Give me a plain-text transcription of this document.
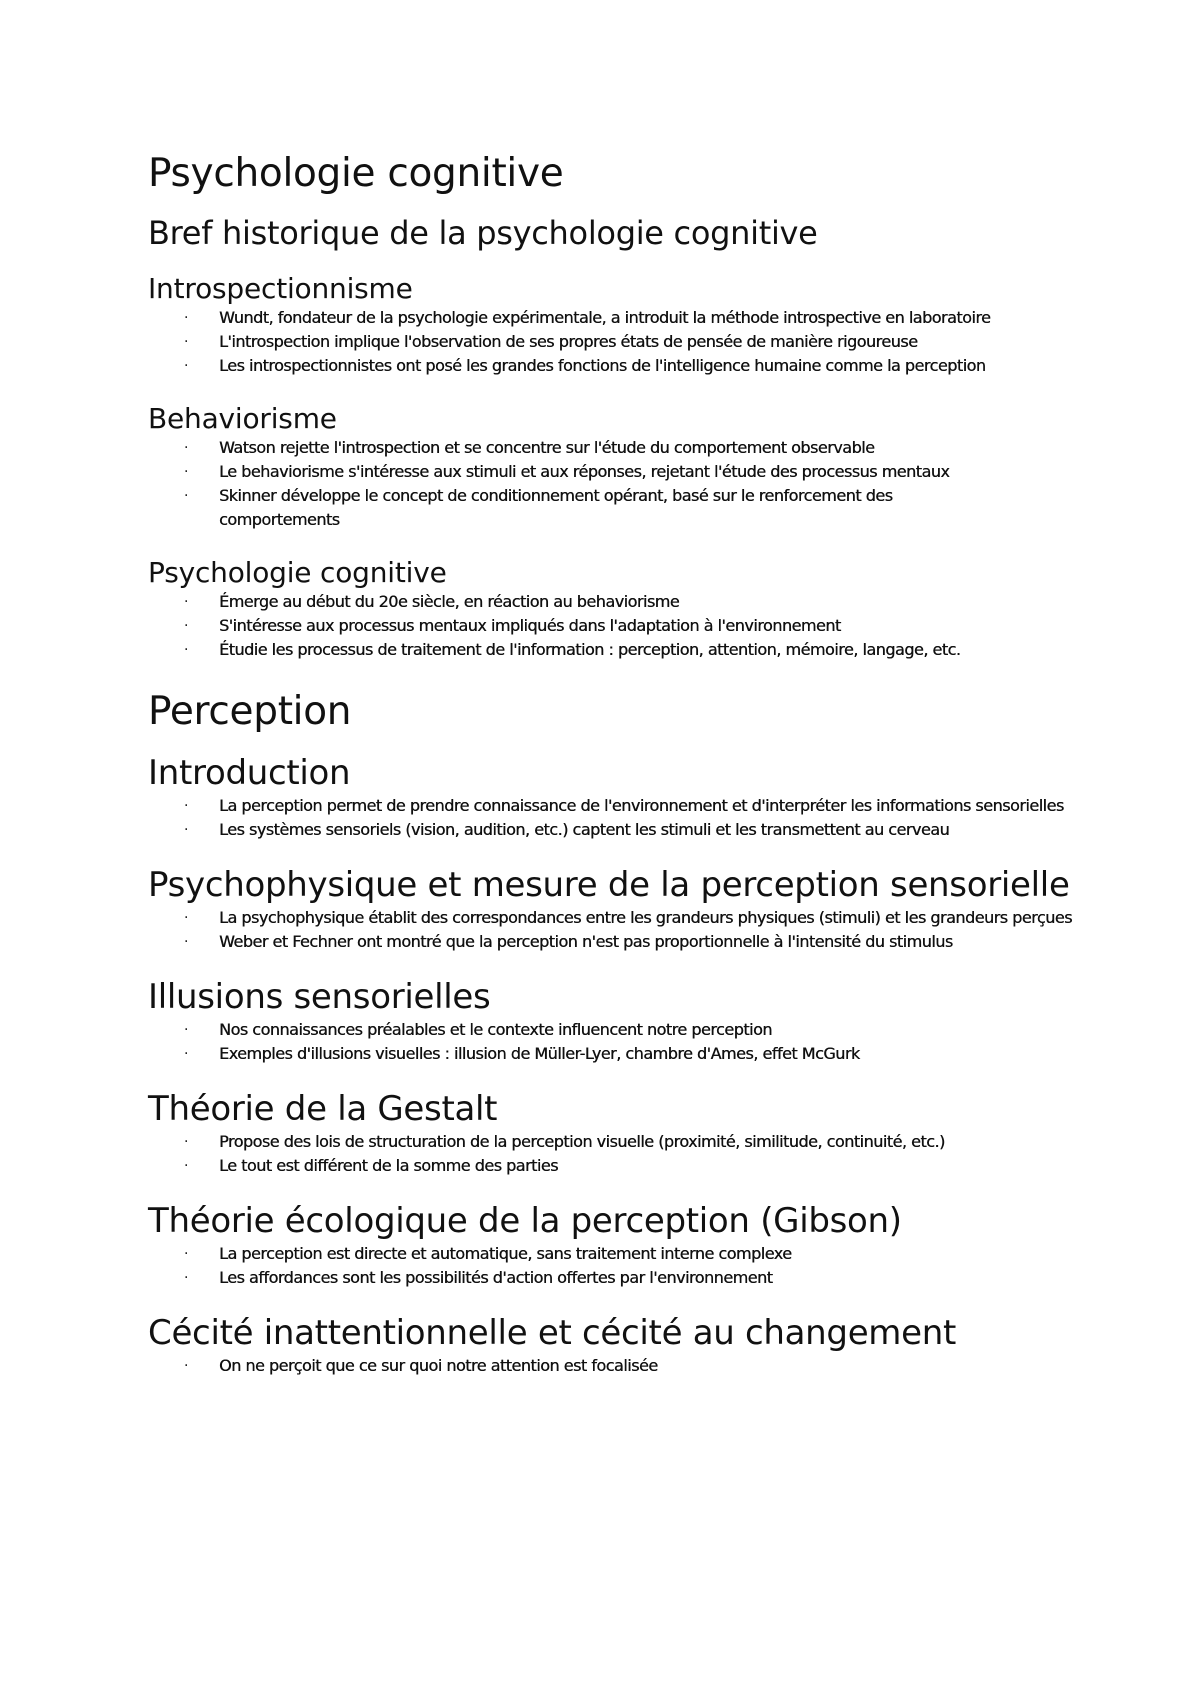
Psychologie cognitive
Bref historique de la psychologie cognitive
Introspectionnisme
· Wundt, fondateur de la psychologie expérimentale, a introduit la méthode introspective en laboratoire
· L'introspection implique l'observation de ses propres états de pensée de manière rigoureuse
· Les introspectionnistes ont posé les grandes fonctions de l'intelligence humaine comme la perception
Behaviorisme
· Watson rejette l'introspection et se concentre sur l'étude du comportement observable
· Le behaviorisme s'intéresse aux stimuli et aux réponses, rejetant l'étude des processus mentaux
· Skinner développe le concept de conditionnement opérant, basé sur le renforcement des comportements
Psychologie cognitive
· Émerge au début du 20e siècle, en réaction au behaviorisme
· S'intéresse aux processus mentaux impliqués dans l'adaptation à l'environnement
· Étudie les processus de traitement de l'information : perception, attention, mémoire, langage, etc.
Perception
Introduction
· La perception permet de prendre connaissance de l'environnement et d'interpréter les informations sensorielles
· Les systèmes sensoriels (vision, audition, etc.) captent les stimuli et les transmettent au cerveau
Psychophysique et mesure de la perception sensorielle
· La psychophysique établit des correspondances entre les grandeurs physiques (stimuli) et les grandeurs perçues
· Weber et Fechner ont montré que la perception n'est pas proportionnelle à l'intensité du stimulus
Illusions sensorielles
· Nos connaissances préalables et le contexte influencent notre perception
· Exemples d'illusions visuelles : illusion de Müller-Lyer, chambre d'Ames, effet McGurk
Théorie de la Gestalt
· Propose des lois de structuration de la perception visuelle (proximité, similitude, continuité, etc.)
· Le tout est différent de la somme des parties
Théorie écologique de la perception (Gibson)
· La perception est directe et automatique, sans traitement interne complexe
· Les affordances sont les possibilités d'action offertes par l'environnement
Cécité inattentionnelle et cécité au changement
· On ne perçoit que ce sur quoi notre attention est focalisée
